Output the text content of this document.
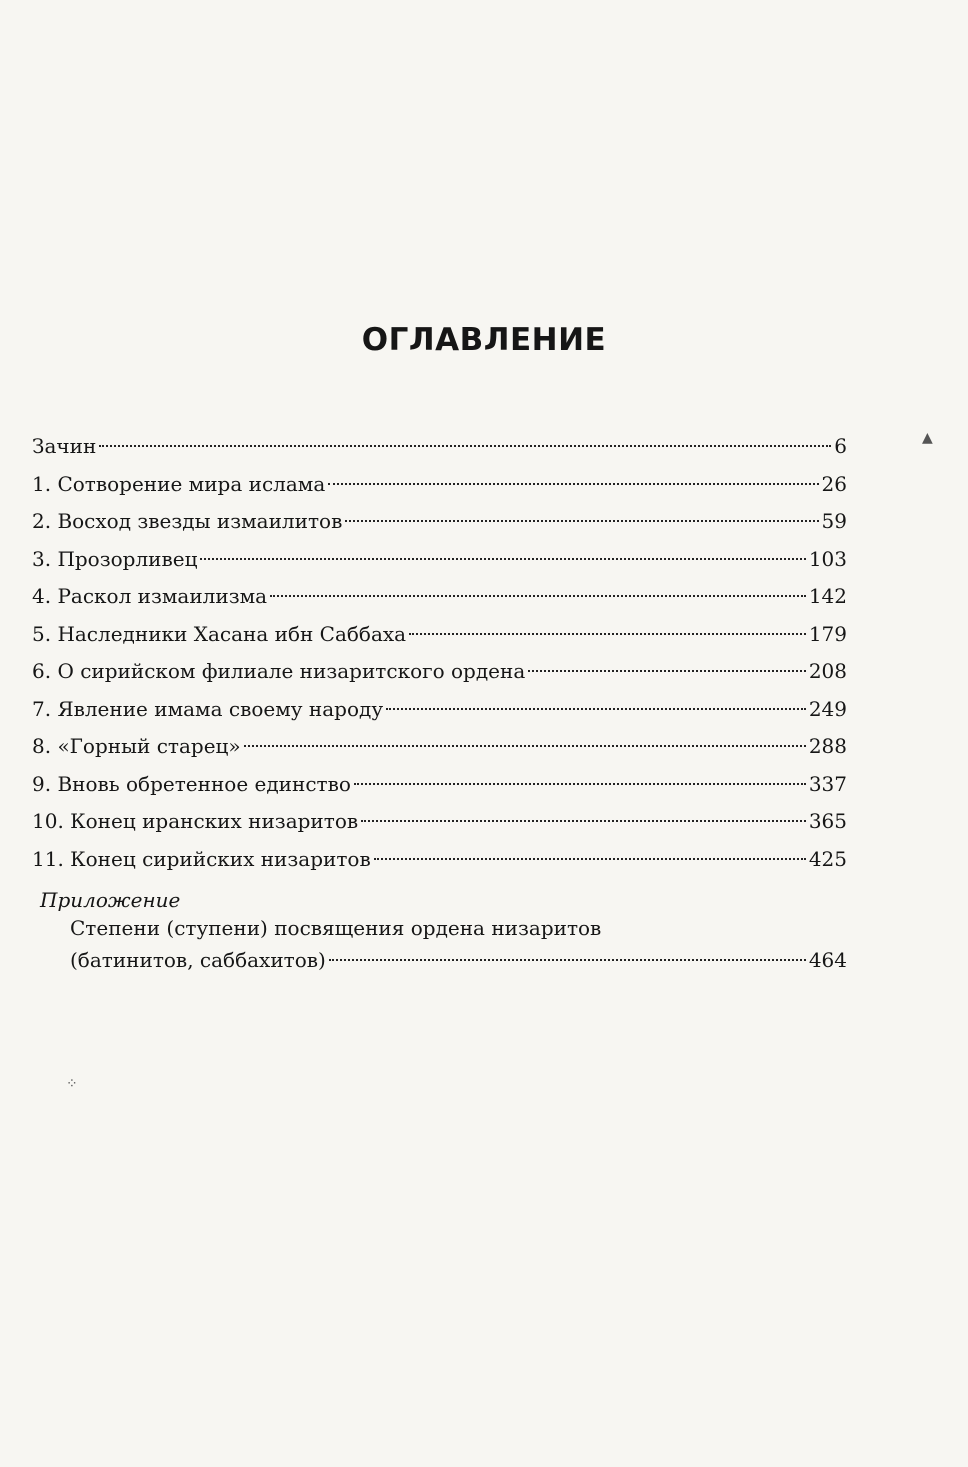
ОГЛАВЛЕНИЕ
Зачин	6
1. Сотворение мира ислама	26
2. Восход звезды измаилитов	59
3. Прозорливец	103
4. Раскол измаилизма	142
5. Наследники Хасана ибн Саббаха	179
6. О сирийском филиале низаритского ордена	208
7. Явление имама своему народу	249
8. «Горный старец»	288
9. Вновь обретенное единство	337
10. Конец иранских низаритов	365
11. Конец сирийских низаритов	425
Приложение
Степени (ступени) посвящения ордена низаритов
(батинитов, саббахитов)	464
▲
⁘
